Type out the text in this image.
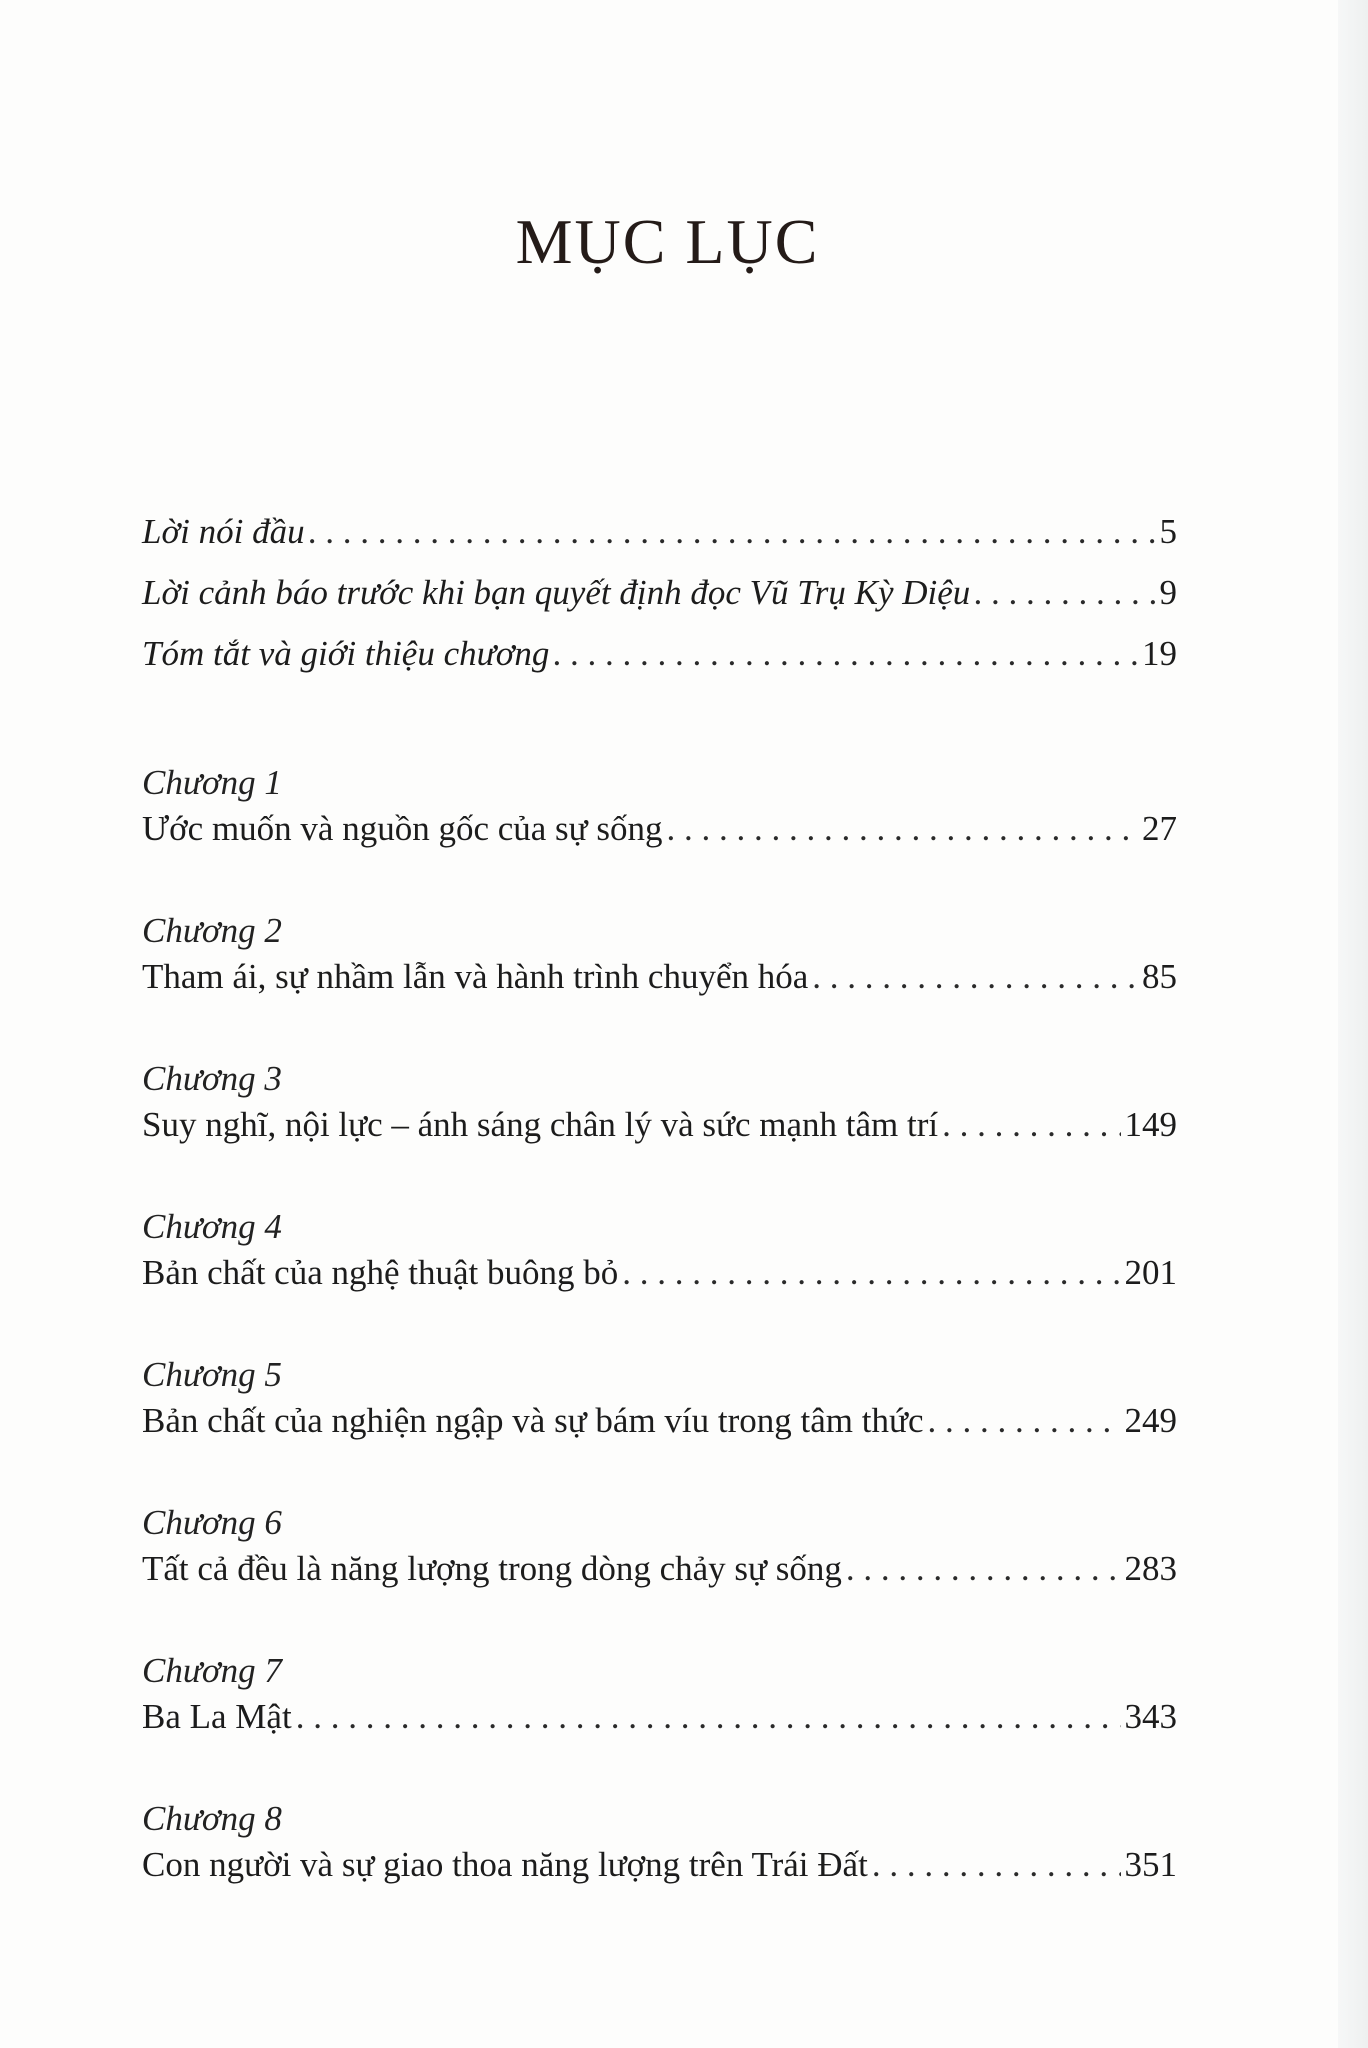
MỤC LỤC
Lời nói đầu . . .	5
Lời cảnh báo trước khi bạn quyết định đọc Vũ Trụ Kỳ Diệu . . .	9
Tóm tắt và giới thiệu chương . . .	19
Chương 1
Ước muốn và nguồn gốc của sự sống . . .	27
Chương 2
Tham ái, sự nhầm lẫn và hành trình chuyển hóa . . .	85
Chương 3
Suy nghĩ, nội lực – ánh sáng chân lý và sức mạnh tâm trí . . .	149
Chương 4
Bản chất của nghệ thuật buông bỏ . . .	201
Chương 5
Bản chất của nghiện ngập và sự bám víu trong tâm thức . . .	249
Chương 6
Tất cả đều là năng lượng trong dòng chảy sự sống . . .	283
Chương 7
Ba La Mật . . .	343
Chương 8
Con người và sự giao thoa năng lượng trên Trái Đất . . .	351
